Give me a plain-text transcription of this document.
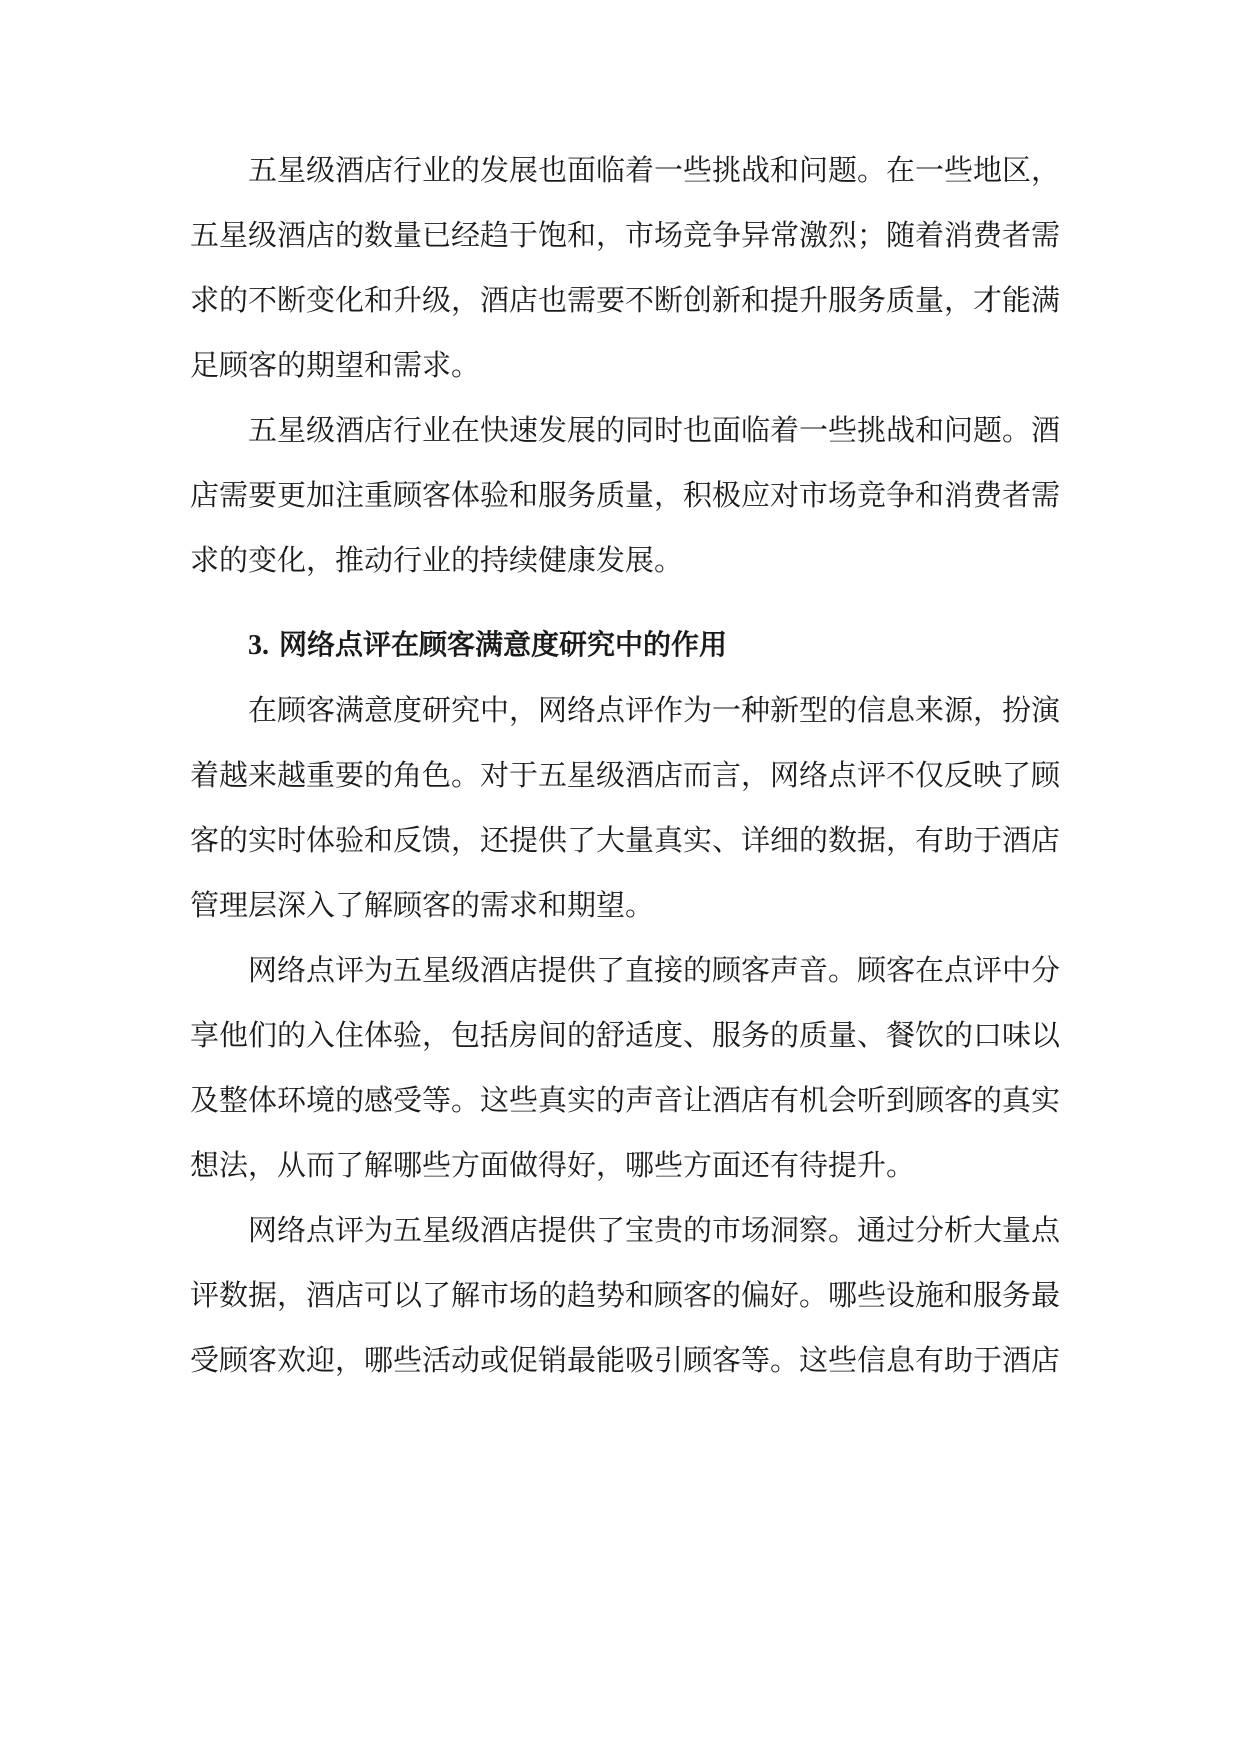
五星级酒店行业的发展也面临着一些挑战和问题。在一些地区，五星级酒店的数量已经趋于饱和，市场竞争异常激烈；随着消费者需求的不断变化和升级，酒店也需要不断创新和提升服务质量，才能满足顾客的期望和需求。

五星级酒店行业在快速发展的同时也面临着一些挑战和问题。酒店需要更加注重顾客体验和服务质量，积极应对市场竞争和消费者需求的变化，推动行业的持续健康发展。

3. 网络点评在顾客满意度研究中的作用

在顾客满意度研究中，网络点评作为一种新型的信息来源，扮演着越来越重要的角色。对于五星级酒店而言，网络点评不仅反映了顾客的实时体验和反馈，还提供了大量真实、详细的数据，有助于酒店管理层深入了解顾客的需求和期望。

网络点评为五星级酒店提供了直接的顾客声音。顾客在点评中分享他们的入住体验，包括房间的舒适度、服务的质量、餐饮的口味以及整体环境的感受等。这些真实的声音让酒店有机会听到顾客的真实想法，从而了解哪些方面做得好，哪些方面还有待提升。

网络点评为五星级酒店提供了宝贵的市场洞察。通过分析大量点评数据，酒店可以了解市场的趋势和顾客的偏好。哪些设施和服务最受顾客欢迎，哪些活动或促销最能吸引顾客等。这些信息有助于酒店
